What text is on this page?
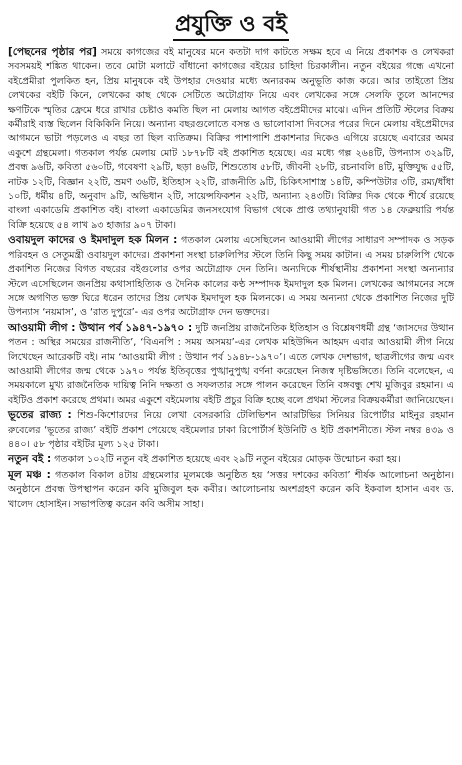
প্রযুক্তি ও বই

[পেছনের পৃষ্ঠার পর] সময়ে কাগজের বই মানুষের মনে কতটা দাগ কাটতে সক্ষম হবে এ নিয়ে প্রকাশক ও লেখকরা সবসময়ই শঙ্কিত থাকেন। তবে মোটা মলাটে বাঁধানো কাগজের বইয়ের চাহিদা চিরকালীন। নতুন বইয়ের গন্ধে এখনো বইপ্রেমীরা পুলকিত হন, প্রিয় মানুষকে বই উপহার দেওয়ার মধ্যে অন্যরকম অনুভূতি কাজ করে। আর তাইতো প্রিয় লেখকের বইটি কিনে, লেখকের কাছ থেকে সেটিতে অটোগ্রাফ নিয়ে এবং লেখকের সঙ্গে সেলফি তুলে আনন্দের ক্ষণটিকে স্মৃতির ফ্রেমে ধরে রাখার চেষ্টাও কমতি ছিল না মেলায় আগত বইপ্রেমীদের মাঝে। এদিন প্রতিটি স্টলের বিক্রয় কর্মীরাই ব্যস্ত ছিলেন বিকিকিনি নিয়ে। অন্যান্য বছরগুলোতে বসন্ত ও ভালোবাসা দিবসের পরের দিনে মেলায় বইপ্রেমীদের আগমনে ভাটা পড়লেও এ বছর তা ছিল ব্যতিক্রম। বিক্রির পাশাপাশি প্রকাশনার দিকেও এগিয়ে রয়েছে এবারের অমর একুশে গ্রন্থমেলা। গতকাল পর্যন্ত মেলায় মোট ১৮৭৮টি বই প্রকাশিত হয়েছে। এর মধ্যে গল্প ২৬৪টি, উপন্যাস ৩২৯টি, প্রবন্ধ ৯৬টি, কবিতা ৫৬০টি, গবেষণা ২৯টি, ছড়া ৪৬টি, শিশুতোষ ৫৮টি, জীবনী ২৮টি, রচনাবলি ৪টি, মুক্তিযুদ্ধ ৫৫টি, নাটক ১২টি, বিজ্ঞান ২২টি, ভ্রমণ ৩৬টি, ইতিহাস ২২টি, রাজনীতি ৯টি, চিকিৎসাশাস্ত্র ১৪টি, কম্পিউটার ৩টি, রম্য/ধাঁধা ১০টি, ধর্মীয় ৪টি, অনুবাদ ৯টি, অভিধান ২টি, সায়েন্সফিকশন ২২টি, অন্যান্য ২৪৩টি। বিক্রির দিক থেকে শীর্ষে রয়েছে বাংলা একাডেমি প্রকাশিত বই। বাংলা একাডেমির জনসংযোগ বিভাগ থেকে প্রাপ্ত তথ্যানুযায়ী গত ১৪ ফেব্রুয়ারি পর্যন্ত বিক্রি হয়েছে ৫৪ লাখ ৯৩ হাজার ৯০৭ টাকা।

ওবায়দুল কাদের ও ইমদাদুল হক মিলন : গতকাল মেলায় এসেছিলেন আওয়ামী লীগের সাধারণ সম্পাদক ও সড়ক পরিবহন ও সেতুমন্ত্রী ওবায়দুল কাদের। প্রকাশনা সংস্থা চারুলিপির স্টলে তিনি কিছু সময় কাটান। এ সময় চারুলিপি থেকে প্রকাশিত নিজের বিগত বছরের বইগুলোর ওপর অটোগ্রাফ দেন তিনি। অন্যদিকে শীর্ষস্থানীয় প্রকাশনা সংস্থা অন্যন্যার স্টলে এসেছিলেন জনপ্রিয় কথাসাহিত্যিক ও দৈনিক কালের কণ্ঠ সম্পাদক ইমদাদুল হক মিলন। লেখকের আগমনের সঙ্গে সঙ্গে অগণিত ভক্ত ঘিরে ধরেন তাদের প্রিয় লেখক ইমদাদুল হক মিলনকে। এ সময় অন্যন্যা থেকে প্রকাশিত নিজের দুটি উপন্যাস ‘নয়মাস’, ও ‘রাত দুপুরে’- এর ওপর অটোগ্রাফ দেন ভক্তদের।

আওয়ামী লীগ : উত্থান পর্ব ১৯৪৭-১৯৭০ : দুটি জনপ্রিয় রাজনৈতিক ইতিহাস ও বিশ্লেষণধর্মী গ্রন্থ ‘জাসদের উত্থান পতন : অস্থির সময়ের রাজনীতি’, ‘বিএনপি : সময় অসময়’-এর লেখক মহিউদ্দিন আহমদ এবার আওয়ামী লীগ নিয়ে লিখেছেন আরেকটি বই। নাম ‘আওয়ামী লীগ : উত্থান পর্ব ১৯৪৮-১৯৭০’। এতে লেখক দেশভাগ, ছাত্রলীগের জন্ম এবং আওয়ামী লীগের জন্ম থেকে ১৯৭০ পর্যন্ত ইতিবৃত্তের পুঙ্খানুপুঙ্খ বর্ণনা করেছেন নিজস্ব দৃষ্টিভঙ্গিতে। তিনি বলেছেন, এ সময়কালে মুখ্য রাজনৈতিক দায়িত্ব নিনি দক্ষতা ও সফলতার সঙ্গে পালন করেছেন তিনি বঙ্গবন্ধু শেখ মুজিবুর রহমান। এ বইটিও প্রকাশ করেছে প্রথমা। অমর একুশে বইমেলায় বইটি প্রচুর বিক্রি হচ্ছে বলে প্রথমা স্টলের বিক্রয়কর্মীরা জানিয়েছেন।

ভূতের রাজ্য : শিশু-কিশোরদের নিয়ে লেখা বেসরকারি টেলিভিশন আরটিভির সিনিয়র রিপোর্টার মাইনুর রহমান রুবেলের ‘ভূতের রাজ্য’ বইটি প্রকাশ পেয়েছে বইমেলার ঢাকা রিপোর্টার্স ইউনিটি ও ইটি প্রকাশনীতে। স্টল নম্বর ৪৩৯ ও ৪৪০। ৫৮ পৃষ্ঠার বইটির মূল্য ১২৫ টাকা।

নতুন বই : গতকাল ১০২টি নতুন বই প্রকাশিত হয়েছে এবং ২৯টি নতুন বইয়ের মোড়ক উন্মোচন করা হয়।

মূল মঞ্চ : গতকাল বিকাল ৪টায় গ্রন্থমেলার মূলমঞ্চে অনুষ্ঠিত হয় ‘সত্তর দশকের কবিতা’ শীর্ষক আলোচনা অনুষ্ঠান। অনুষ্ঠানে প্রবন্ধ উপস্থাপন করেন কবি মুজিবুল হক কবীর। আলোচনায় অংশগ্রহণ করেন কবি ইকবাল হাসান এবং ড. খালেদ হোসাইন। সভাপতিত্ব করেন কবি অসীম সাহা।
